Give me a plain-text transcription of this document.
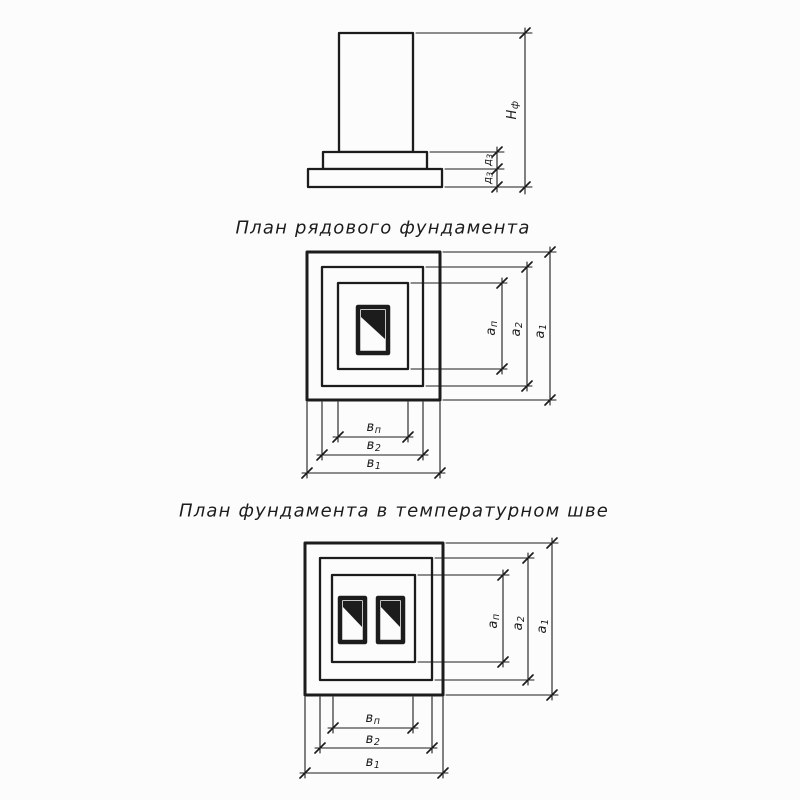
Нф
д3
д3
План рядового фундамента
ап
а2
а1
вп
в2
в1
План фундамента в температурном шве
ап
а2
а1
вп
в2
в1
